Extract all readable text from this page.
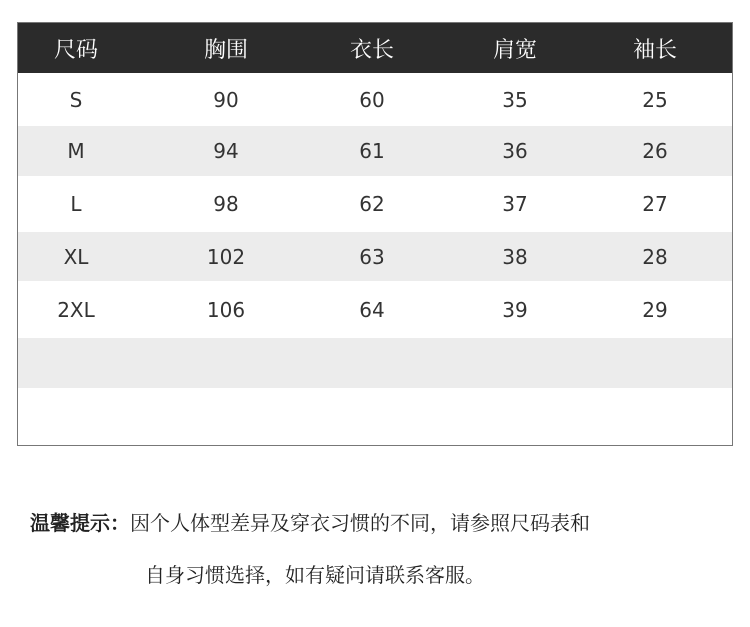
尺码	胸围	衣长	肩宽	袖长
S	90	60	35	25
M	94	61	36	26
L	98	62	37	27
XL	102	63	38	28
2XL	106	64	39	29
温馨提示：因个人体型差异及穿衣习惯的不同，请参照尺码表和
自身习惯选择，如有疑问请联系客服。
